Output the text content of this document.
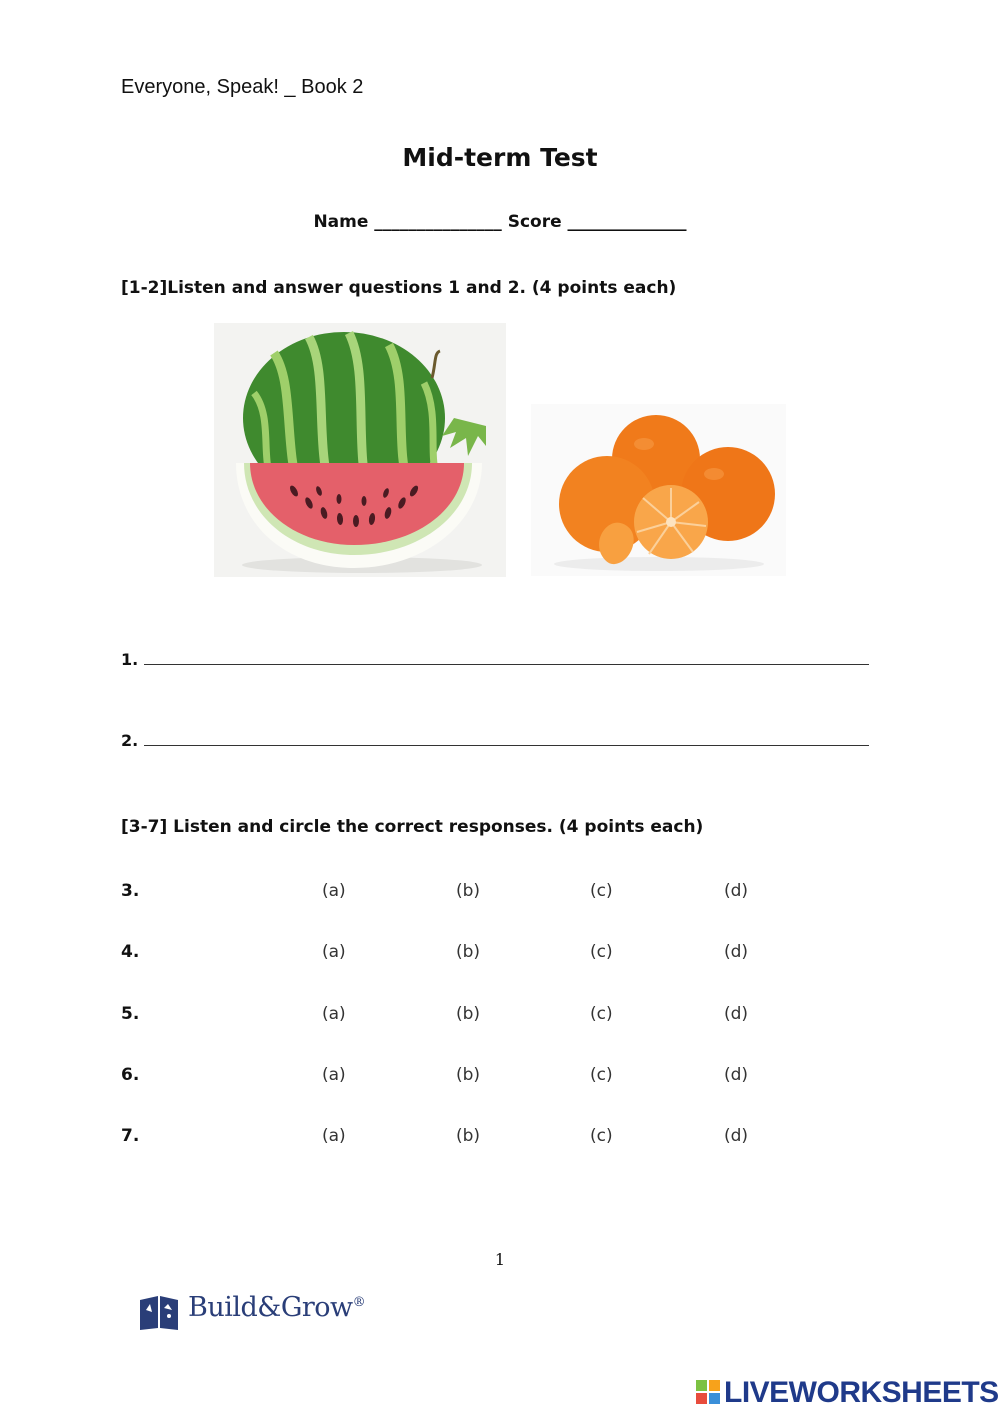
Everyone, Speak! _ Book 2
Mid-term Test
Name _______________ Score ______________
[1-2]Listen and answer questions 1 and 2. (4 points each)
1.
2.
[3-7] Listen and circle the correct responses. (4 points each)
3.	(a)	(b)	(c)	(d)
4.	(a)	(b)	(c)	(d)
5.	(a)	(b)	(c)	(d)
6.	(a)	(b)	(c)	(d)
7.	(a)	(b)	(c)	(d)
1
Build&Grow®
LIVEWORKSHEETS
